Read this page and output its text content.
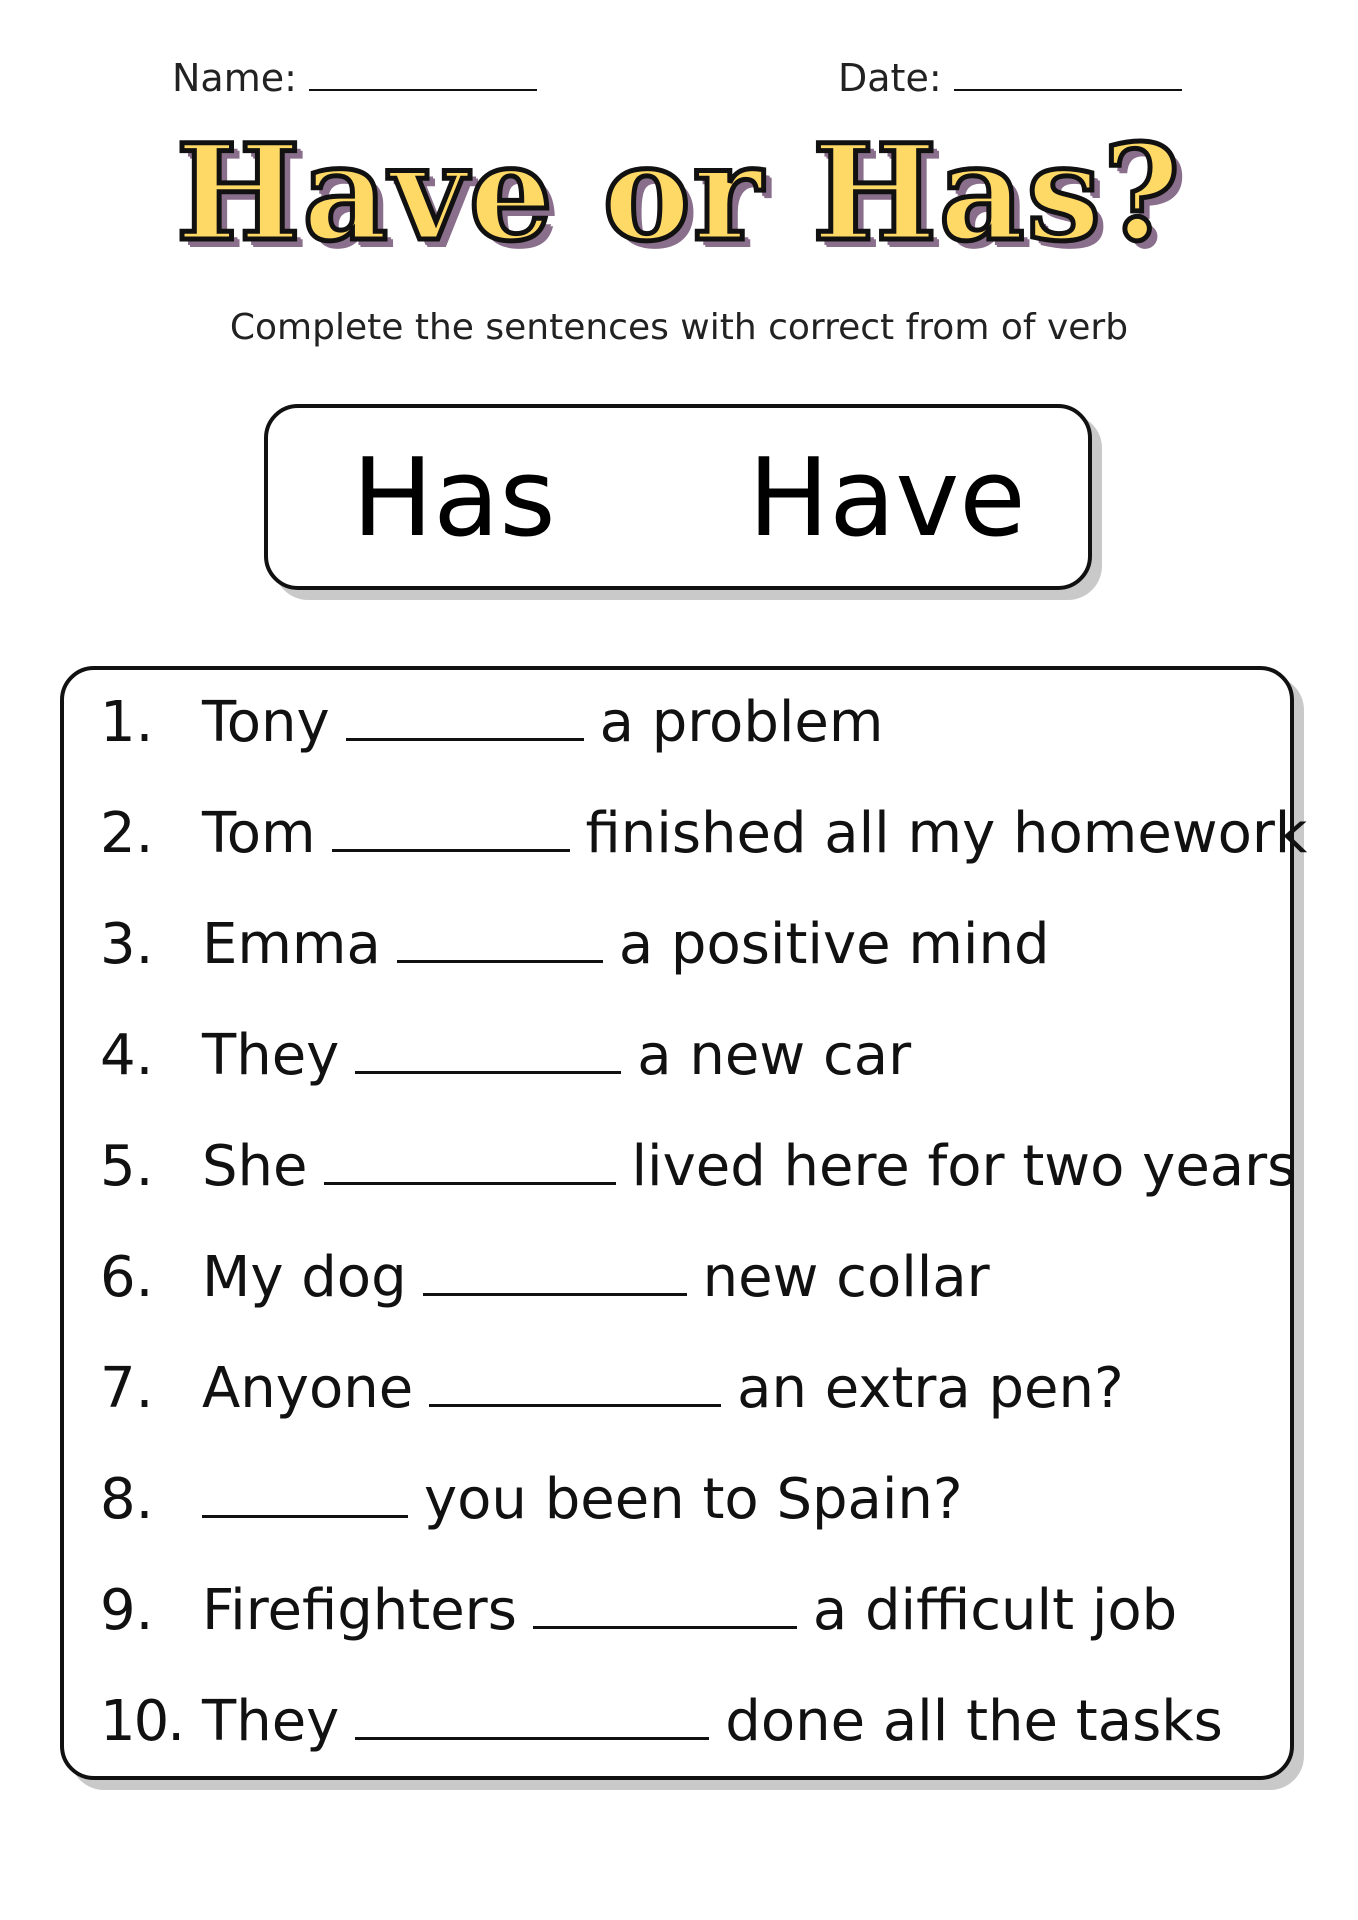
Name:	Date:
Have or Has?
Complete the sentences with correct from of verb
Has Have
1. Tony	a problem
2. Tom	finished all my homework
3. Emma	a positive mind
4. They	a new car
5. She	lived here for two years
6. My dog	new collar
7. Anyone	an extra pen?
8.	you been to Spain?
9. Firefighters	a difficult job
10. They	done all the tasks
